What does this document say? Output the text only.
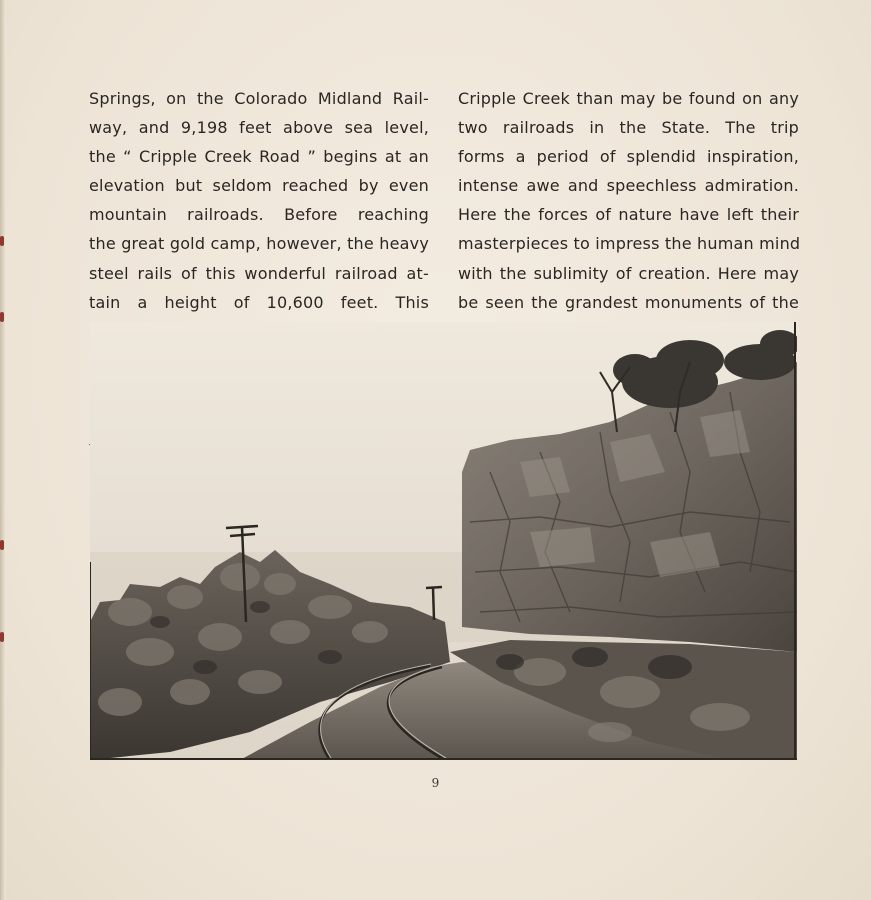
Springs, on the Colorado Midland Rail-
way, and 9,198 feet above sea level,
the “ Cripple Creek Road ” begins at an
elevation but seldom reached by even
mountain railroads. Before reaching
the great gold camp, however, the heavy
steel rails of this wonderful railroad at-
tain a height of 10,600 feet. This

Cripple Creek than may be found on any
two railroads in the State. The trip
forms a period of splendid inspiration,
intense awe and speechless admiration.
Here the forces of nature have left their
masterpieces to impress the human mind
with the sublimity of creation. Here may
be seen the grandest monuments of the

9
